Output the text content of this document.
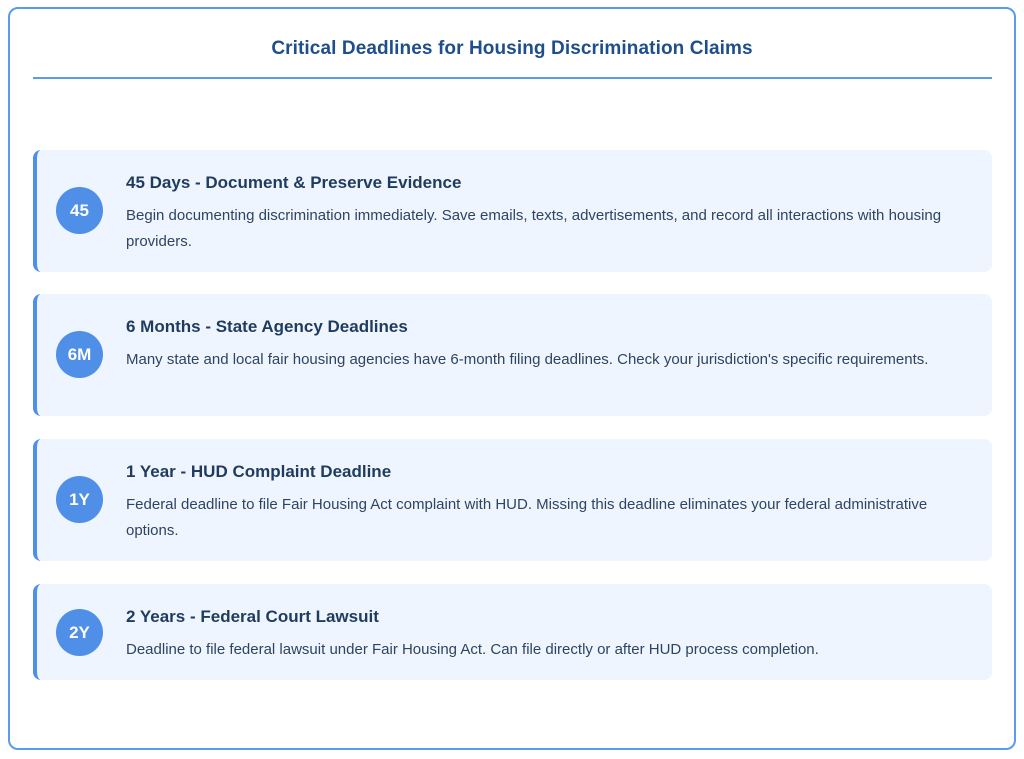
Critical Deadlines for Housing Discrimination Claims
45
45 Days - Document & Preserve Evidence
Begin documenting discrimination immediately. Save emails, texts, advertisements, and record all interactions with housing providers.
6M
6 Months - State Agency Deadlines
Many state and local fair housing agencies have 6-month filing deadlines. Check your jurisdiction's specific requirements.
1Y
1 Year - HUD Complaint Deadline
Federal deadline to file Fair Housing Act complaint with HUD. Missing this deadline eliminates your federal administrative options.
2Y
2 Years - Federal Court Lawsuit
Deadline to file federal lawsuit under Fair Housing Act. Can file directly or after HUD process completion.
